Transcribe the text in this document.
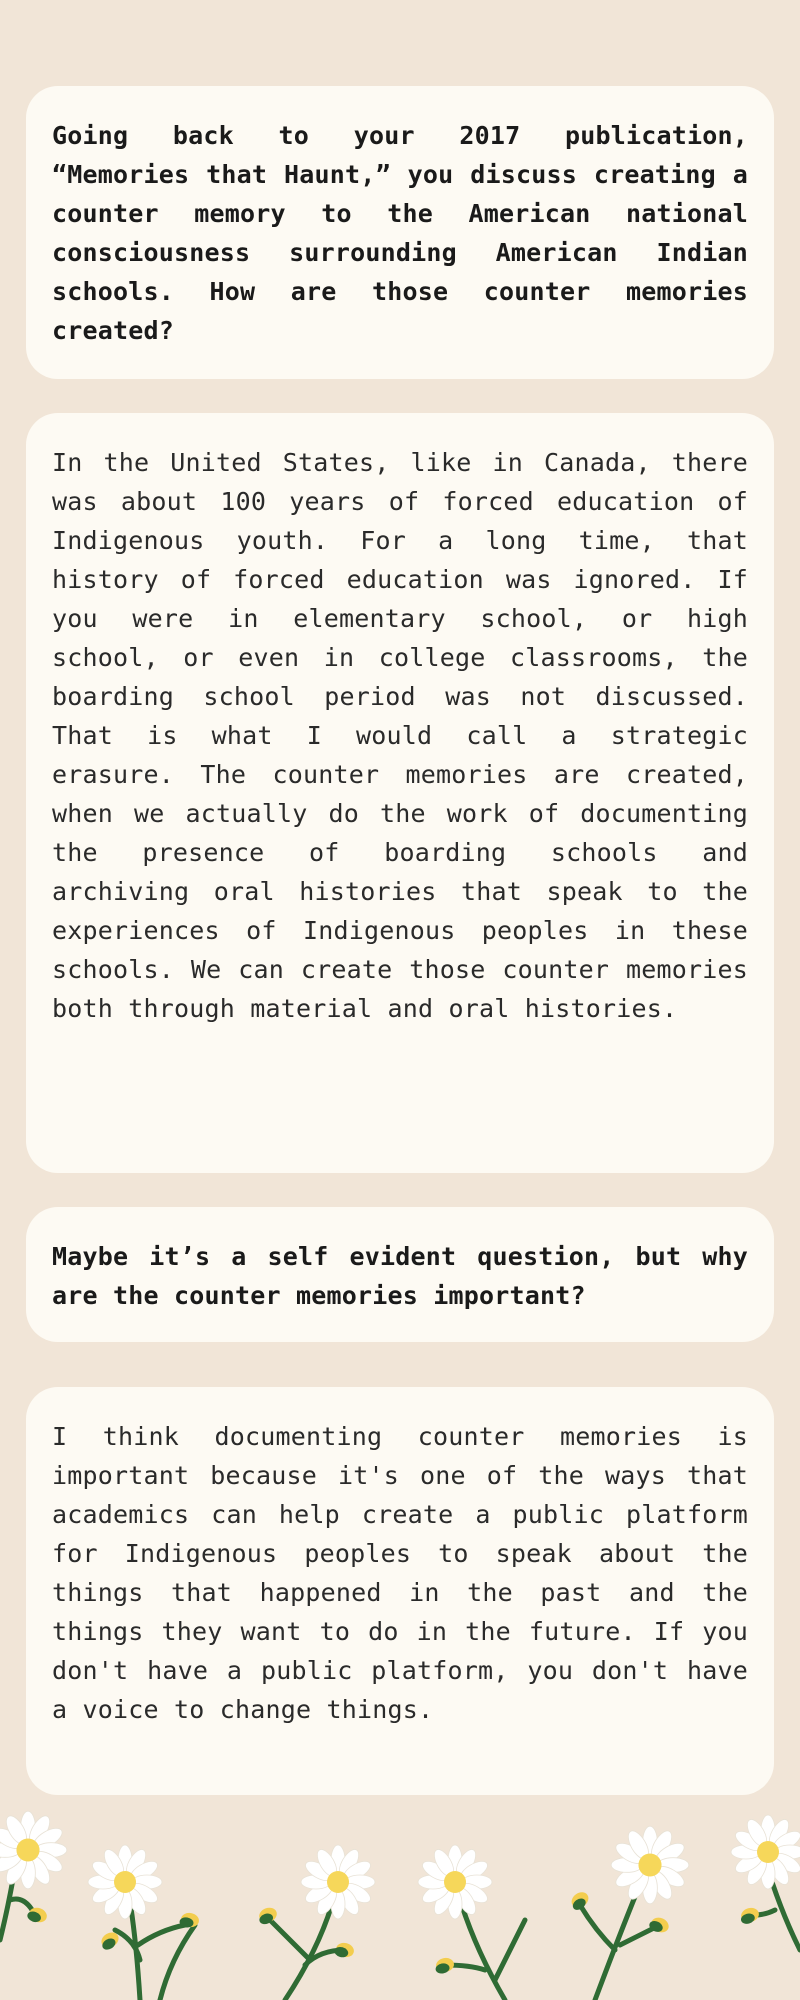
Going back to your 2017 publication, “Memories that Haunt,” you discuss creating a counter memory to the American national consciousness surrounding American Indian schools. How are those counter memories created?

In the United States, like in Canada, there was about 100 years of forced education of Indigenous youth. For a long time, that history of forced education was ignored. If you were in elementary school, or high school, or even in college classrooms, the boarding school period was not discussed. That is what I would call a strategic erasure. The counter memories are created, when we actually do the work of documenting the presence of boarding schools and archiving oral histories that speak to the experiences of Indigenous peoples in these schools. We can create those counter memories both through material and oral histories.

Maybe it’s a self evident question, but why are the counter memories important?

I think documenting counter memories is important because it's one of the ways that academics can help create a public platform for Indigenous peoples to speak about the things that happened in the past and the things they want to do in the future. If you don't have a public platform, you don't have a voice to change things.
